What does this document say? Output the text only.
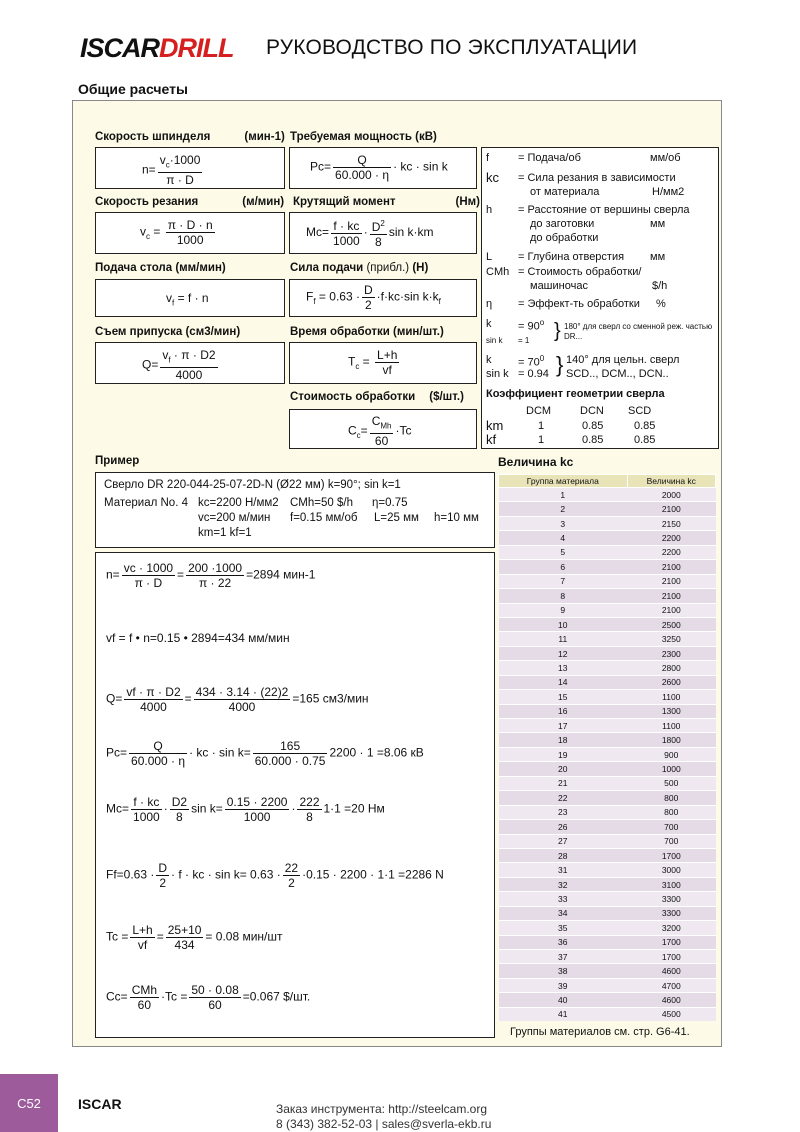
ISCARDRILL РУКОВОДСТВО ПО ЭКСПЛУАТАЦИИ
Общие расчеты
Скорость шпинделя	(мин-1)
$n= \frac{v_c\cdot 1000}{\pi \cdot D}$
Требуемая мощность (кВ)
$Pc= \frac{Q}{60.000 \cdot \eta}$ · kc · sin k
Скорость резания	(м/мин)
$v_c = \frac{\pi \cdot D \cdot n}{1000}$
Крутящий момент	(Нм)
$Mc= \frac{f \cdot kc}{1000} \cdot \frac{D^2}{8}$ sin k·km
Подача стола (мм/мин)
$v_f = f \cdot n$
Сила подачи (прибл.) (Н)
$F_f = 0.63 \cdot \frac{D}{2} \cdot f\cdot kc\cdot\sin$ $k\cdot k_f$
Съем припуска (см3/мин)
$Q= \frac{v_f \cdot \pi \cdot D2}{4000}$
Время обработки (мин/шт.)
$T_c = \frac{L+h}{vf}$
Стоимость обработки ($/шт.)
$C_c= \frac{C_{Mh}}{60} \cdot Tc$
f	= Подача/об	мм/об
kc = Сила резания в зависимости
от материала	Н/мм2
h = Расстояние от вершины сверла
до заготовки	мм
до обработки
L = Глубина отверстия мм
CMh = Стоимость обработки/
машиночас	$/h
η = Эффект-ть обработки %
$k = 90^о$
sin k = 1 } 180° для сверл со сменной реж. частью
DR...
$k = 70^0$
sin k = 0.94 } 140° для цельн. сверл
SCD.., DCM.., DCN..
Коэффициент геометрии сверла
DCM	DCN SCD
km	1	0.85	0.85
kf	1	0.85	0.85
Пример
Сверло DR 220-044-25-07-2D-N (Ø22 мм) k=90°; sin k=1
Материал No. 4 kc=2200 Н/мм2 CMh=50 $/h η=0.75
vc=200 м/мин f=0.15 мм/об L=25 мм h=10 мм
km=1 kf=1
$n= \frac{vc \cdot 1000}{\pi \cdot D} = \frac{200 \cdot 1000}{\pi \cdot 22} =2894$ мин-1
vf = f • n=0.15 • 2894=434 мм/мин
$Q= \frac{vf \cdot \pi \cdot D2}{4000} = \frac{434 \cdot 3.14 \cdot (22)2}{4000} =165$ см3/мин
$Pc= \frac{Q}{60.000 \cdot \eta}$ · kc · $\sin k= \frac{165}{60.000 \cdot 0.75} 2200 \cdot 1 =8.06$ кВ
$Mc= \frac{f \cdot kc}{1000} \cdot \frac{D2}{8}$ $\sin k= \frac{0.15 \cdot 2200}{1000} \cdot \frac{222}{8} 1\cdot 1 =20$ Нм
$Ff=0.63 \cdot \frac{D}{2} \cdot f$ · kc · $\sin k= 0.63 \cdot \frac{22}{2} \cdot 0.15 \cdot 2200 \cdot 1\cdot 1 =2286$ N
$Tc = \frac{L+h}{vf} = \frac{25+10}{434} = 0.08$ мин/шт
$Cc= \frac{\text{CMh}}{60} \cdot Tc = \frac{50 \cdot 0.08}{60} =0.067$ $/шт.
Величина kc
Группа материала	Величина kc
1	2000
2	2100
3	2150
4	2200
5	2200
6	2100
7	2100
8	2100
9	2100
10	2500
11	3250
12	2300
13	2800
14	2600
15	1100
16	1300
17	1100
18	1800
19	900
20	1000
21	500
22	800
23	800
26	700
27	700
28	1700
31	3000
32	3100
33	3300
34	3300
35	3200
36	1700
37	1700
38	4600
39	4700
40	4600
41	4500
Группы материалов см. стр. G6-41.
C52	ISCAR	Заказ инструмента: http://steelcam.org
8 (343) 382-52-03 | sales@sverla-ekb.ru
